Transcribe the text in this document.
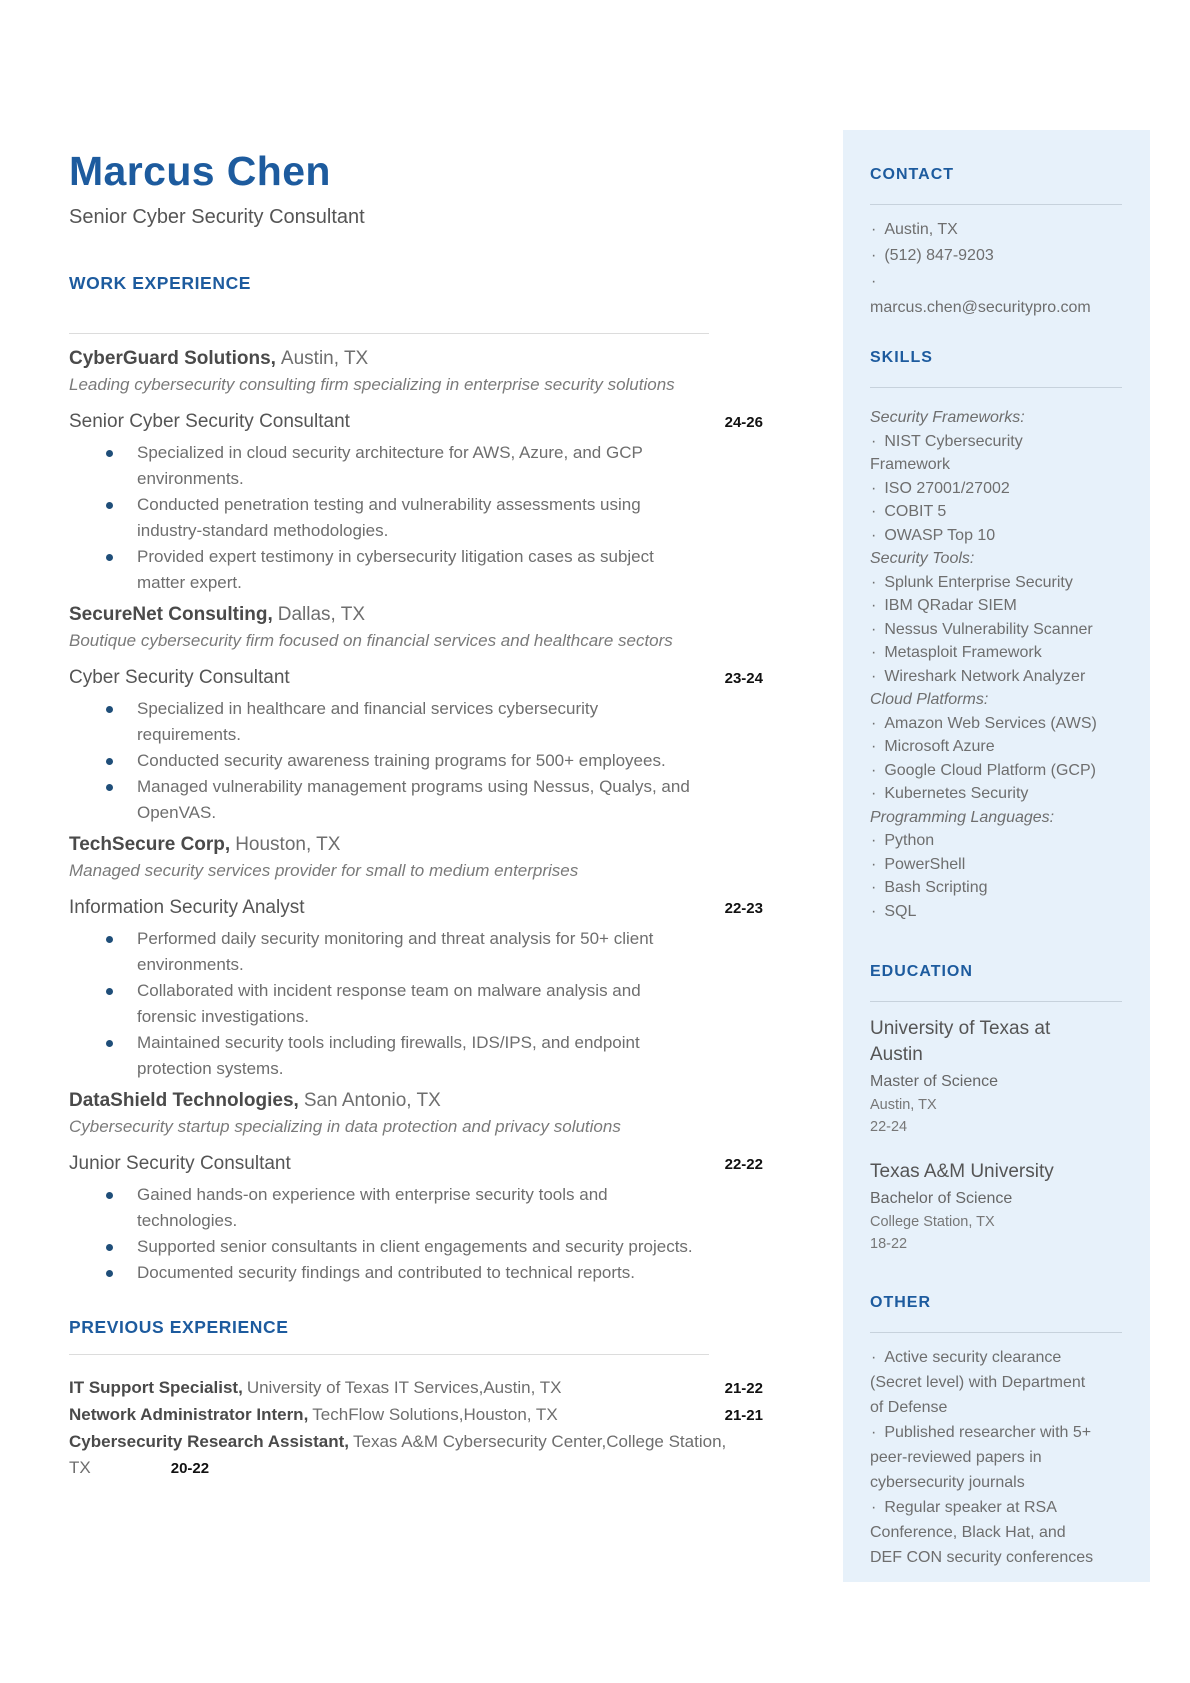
Marcus Chen
Senior Cyber Security Consultant
WORK EXPERIENCE
CyberGuard Solutions, Austin, TX
Leading cybersecurity consulting firm specializing in enterprise security solutions
Senior Cyber Security Consultant	24-26
Specialized in cloud security architecture for AWS, Azure, and GCP environments.
Conducted penetration testing and vulnerability assessments using industry-standard methodologies.
Provided expert testimony in cybersecurity litigation cases as subject matter expert.
SecureNet Consulting, Dallas, TX
Boutique cybersecurity firm focused on financial services and healthcare sectors
Cyber Security Consultant	23-24
Specialized in healthcare and financial services cybersecurity requirements.
Conducted security awareness training programs for 500+ employees.
Managed vulnerability management programs using Nessus, Qualys, and OpenVAS.
TechSecure Corp, Houston, TX
Managed security services provider for small to medium enterprises
Information Security Analyst	22-23
Performed daily security monitoring and threat analysis for 50+ client environments.
Collaborated with incident response team on malware analysis and forensic investigations.
Maintained security tools including firewalls, IDS/IPS, and endpoint protection systems.
DataShield Technologies, San Antonio, TX
Cybersecurity startup specializing in data protection and privacy solutions
Junior Security Consultant	22-22
Gained hands-on experience with enterprise security tools and technologies.
Supported senior consultants in client engagements and security projects.
Documented security findings and contributed to technical reports.
PREVIOUS EXPERIENCE
IT Support Specialist, University of Texas IT Services,Austin, TX	21-22
Network Administrator Intern, TechFlow Solutions,Houston, TX	21-21
Cybersecurity Research Assistant, Texas A&M Cybersecurity Center,College Station, TX	20-22
CONTACT
· Austin, TX
· (512) 847-9203
·
marcus.chen@securitypro.com
SKILLS
Security Frameworks:
· NIST Cybersecurity Framework
· ISO 27001/27002
· COBIT 5
· OWASP Top 10
Security Tools:
· Splunk Enterprise Security
· IBM QRadar SIEM
· Nessus Vulnerability Scanner
· Metasploit Framework
· Wireshark Network Analyzer
Cloud Platforms:
· Amazon Web Services (AWS)
· Microsoft Azure
· Google Cloud Platform (GCP)
· Kubernetes Security
Programming Languages:
· Python
· PowerShell
· Bash Scripting
· SQL
EDUCATION
University of Texas at Austin
Master of Science
Austin, TX
22-24
Texas A&M University
Bachelor of Science
College Station, TX
18-22
OTHER
· Active security clearance (Secret level) with Department of Defense
· Published researcher with 5+ peer-reviewed papers in cybersecurity journals
· Regular speaker at RSA Conference, Black Hat, and DEF CON security conferences
